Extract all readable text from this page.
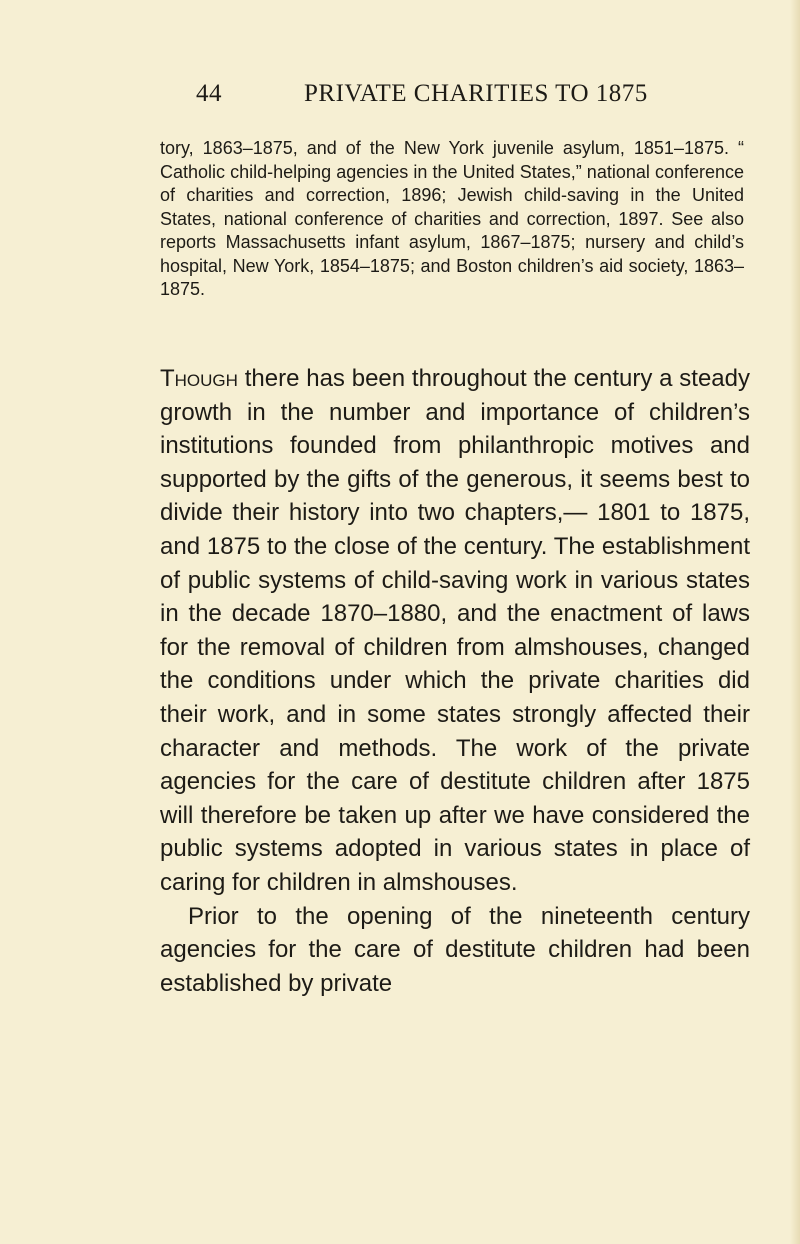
44	PRIVATE CHARITIES TO 1875
tory, 1863–1875, and of the New York juvenile asylum, 1851–1875. “ Catholic child-helping agencies in the United States,” national conference of charities and correction, 1896; Jewish child-saving in the United States, national conference of charities and correction, 1897. See also reports Massachusetts infant asylum, 1867–1875; nursery and child’s hospital, New York, 1854–1875; and Boston children’s aid society, 1863–1875.

Though there has been throughout the century a steady growth in the number and importance of children’s institutions founded from philanthropic motives and supported by the gifts of the generous, it seems best to divide their history into two chapters,— 1801 to 1875, and 1875 to the close of the century. The establishment of public systems of child-saving work in various states in the decade 1870–1880, and the enactment of laws for the removal of children from almshouses, changed the conditions under which the private charities did their work, and in some states strongly affected their character and methods. The work of the private agencies for the care of destitute children after 1875 will therefore be taken up after we have considered the public systems adopted in various states in place of caring for children in almshouses.

Prior to the opening of the nineteenth century agencies for the care of destitute children had been established by private
